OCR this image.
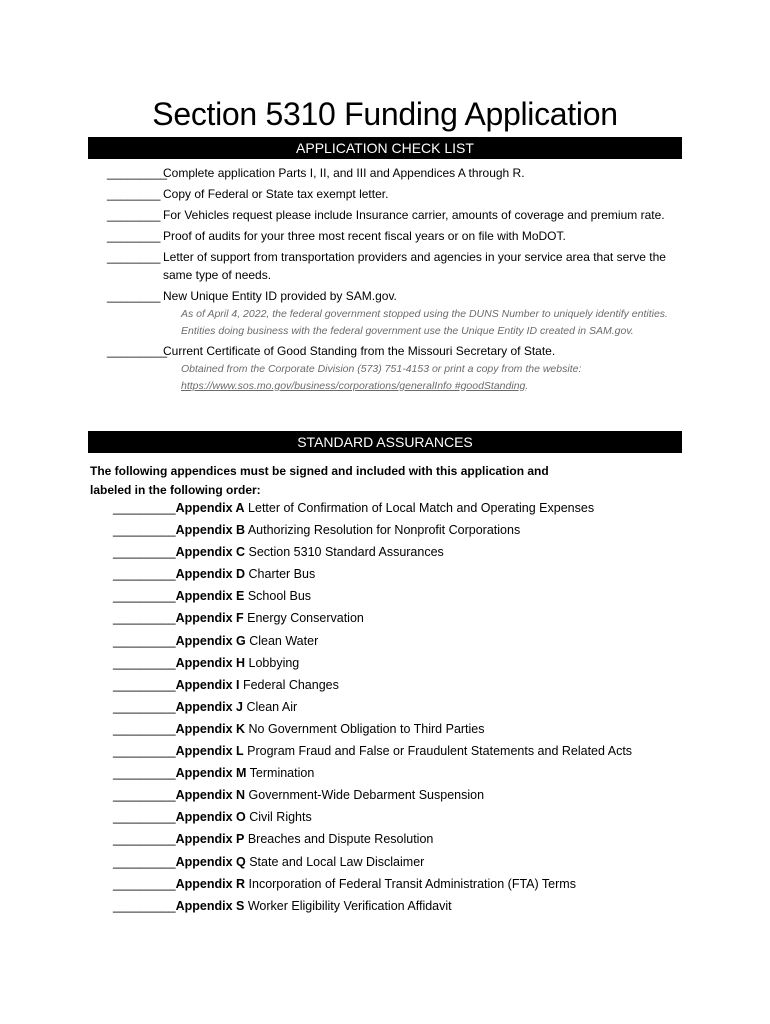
Section 5310 Funding Application
APPLICATION CHECK LIST
_________
Complete application Parts I, II, and III and Appendices A through R.
________ Copy of Federal or State tax exempt letter.
________ For Vehicles request please include Insurance carrier, amounts of coverage and premium rate.
________ Proof of audits for your three most recent fiscal years or on file with MoDOT.
________ Letter of support from transportation providers and agencies in your service area that serve the same type of needs.
________ New Unique Entity ID provided by SAM.gov.
As of April 4, 2022, the federal government stopped using the DUNS Number to uniquely identify entities. Entities doing business with the federal government use the Unique Entity ID created in SAM.gov.
_________
Current Certificate of Good Standing from the Missouri Secretary of State.
Obtained from the Corporate Division (573) 751-4153 or print a copy from the website: https://www.sos.mo.gov/business/corporations/generalInfo #goodStanding.
STANDARD ASSURANCES
The following appendices must be signed and included with this application and labeled in the following order:
_________Appendix A Letter of Confirmation of Local Match and Operating Expenses
_________Appendix B Authorizing Resolution for Nonprofit Corporations
_________Appendix C Section 5310 Standard Assurances
_________Appendix D Charter Bus
_________Appendix E School Bus
_________Appendix F Energy Conservation
_________Appendix G Clean Water
_________Appendix H Lobbying
_________Appendix I Federal Changes
_________Appendix J Clean Air
_________Appendix K No Government Obligation to Third Parties
_________Appendix L Program Fraud and False or Fraudulent Statements and Related Acts
_________Appendix M Termination
_________Appendix N Government-Wide Debarment Suspension
_________Appendix O Civil Rights
_________Appendix P Breaches and Dispute Resolution
_________Appendix Q State and Local Law Disclaimer
_________Appendix R Incorporation of Federal Transit Administration (FTA) Terms
_________Appendix S Worker Eligibility Verification Affidavit
